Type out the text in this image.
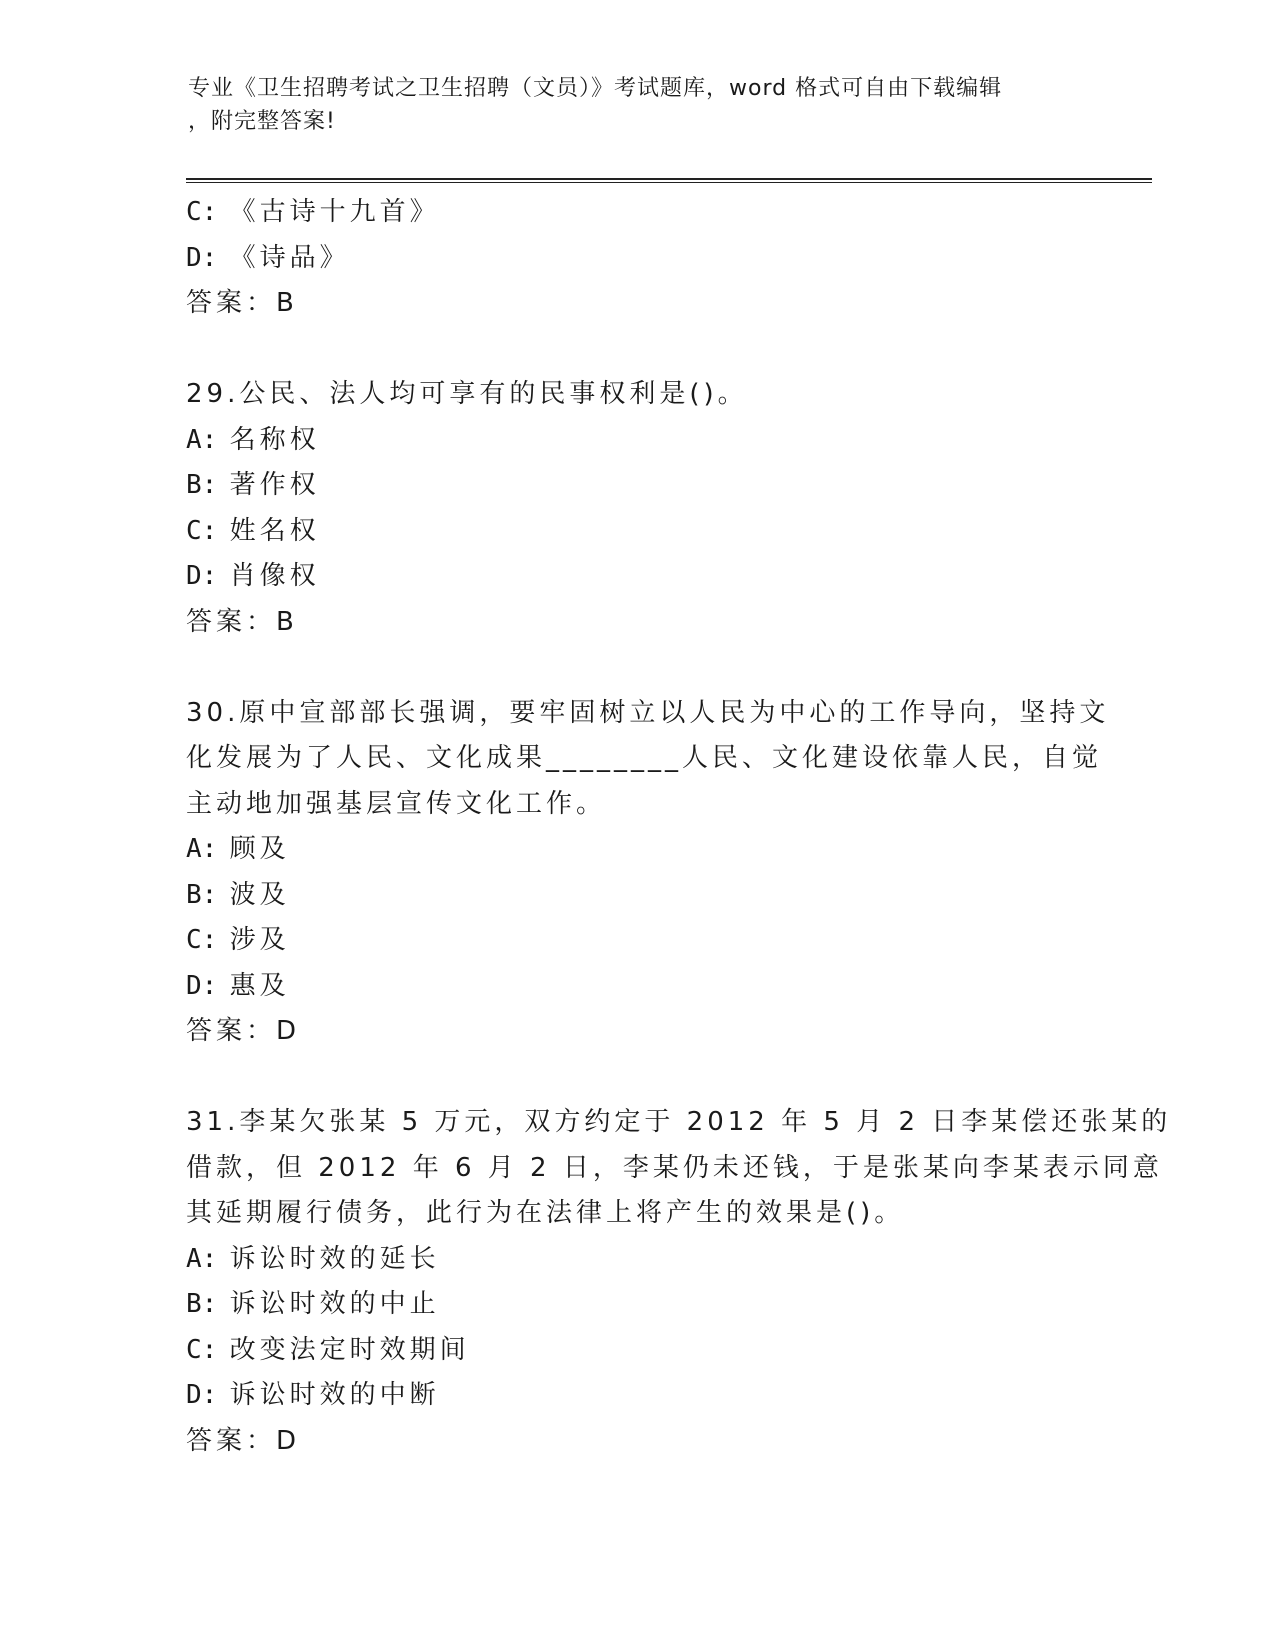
专业《卫生招聘考试之卫生招聘（文员）》考试题库，word 格式可自由下载编辑
，附完整答案!
C: 《古诗十九首》
D: 《诗品》
答案：B
29.公民、法人均可享有的民事权利是()。
A: 名称权
B: 著作权
C: 姓名权
D: 肖像权
答案：B
30.原中宣部部长强调，要牢固树立以人民为中心的工作导向，坚持文
化发展为了人民、文化成果________人民、文化建设依靠人民，自觉
主动地加强基层宣传文化工作。
A: 顾及
B: 波及
C: 涉及
D: 惠及
答案：D
31.李某欠张某 5 万元，双方约定于 2012 年 5 月 2 日李某偿还张某的
借款，但 2012 年 6 月 2 日，李某仍未还钱，于是张某向李某表示同意
其延期履行债务，此行为在法律上将产生的效果是()。
A: 诉讼时效的延长
B: 诉讼时效的中止
C: 改变法定时效期间
D: 诉讼时效的中断
答案：D
